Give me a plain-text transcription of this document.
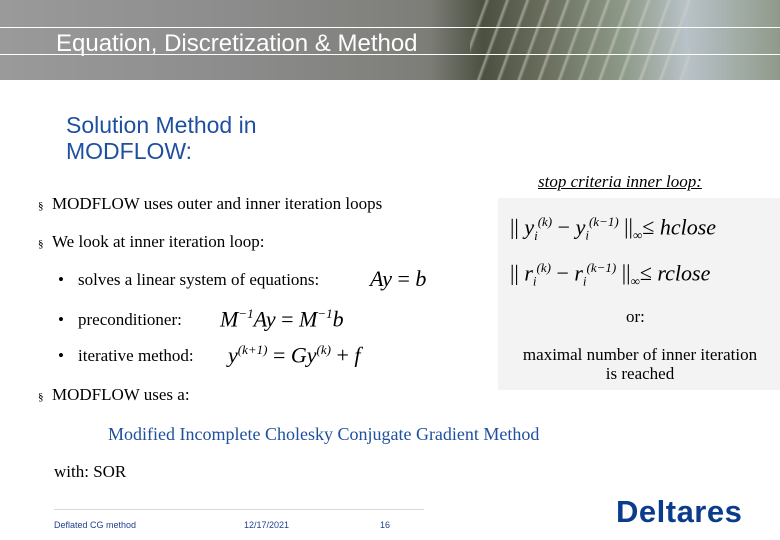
Equation, Discretization & Method
Solution Method in MODFLOW:
stop criteria inner loop:
|| $y_i^{(k)} - y_i^{(k-1)}$ $||_\infty\le$ hclose
|| $r_i^{(k)} - r_i^{(k-1)}$ $||_\infty\le$ rclose
or:
maximal number of inner iteration is reached
§ MODFLOW uses outer and inner iteration loops
§ We look at inner iteration loop:
• solves a linear system of equations: Ay = b
• preconditioner: $M^{-1}Ay = M^{-1}b$
• iterative method: $y^{(k+1)} = Gy^{(k)} + f$
§ MODFLOW uses a:
Modified Incomplete Cholesky Conjugate Gradient Method
with: SOR
Deflated CG method	12/17/2021	16	Deltares
